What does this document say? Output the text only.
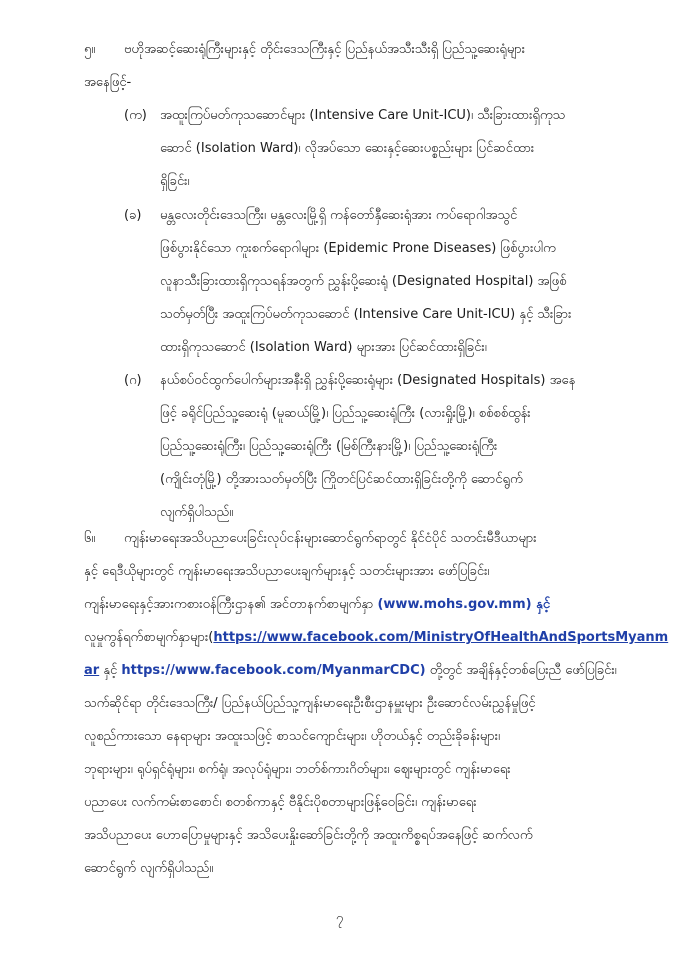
၅။ ဗဟိုအဆင့်ဆေးရုံကြီးများနှင့် တိုင်းဒေသကြီးနှင့် ပြည်နယ်အသီးသီးရှိ ပြည်သူ့ဆေးရုံများ
အနေဖြင့်-
(က) အထူးကြပ်မတ်ကုသဆောင်များ (Intensive Care Unit-ICU)၊ သီးခြားထားရှိကုသ
ဆောင် (Isolation Ward)၊ လိုအပ်သော ဆေးနှင့်ဆေးပစ္စည်းများ ပြင်ဆင်ထား
ရှိခြင်း၊
(ခ) မန္တလေးတိုင်းဒေသကြီး၊ မန္တလေးမြို့ရှိ ကန်တော်နှီဆေးရုံအား ကပ်ရောဂါအသွင်
ဖြစ်ပွားနိုင်သော ကူးစက်ရောဂါများ (Epidemic Prone Diseases) ဖြစ်ပွားပါက
လူနာသီးခြားထားရှိကုသရန်အတွက် ညွှန်းပို့ဆေးရုံ (Designated Hospital) အဖြစ်
သတ်မှတ်ပြီး အထူးကြပ်မတ်ကုသဆောင် (Intensive Care Unit-ICU) နှင့် သီးခြား
ထားရှိကုသဆောင် (Isolation Ward) များအား ပြင်ဆင်ထားရှိခြင်း၊
(ဂ) နယ်စပ်ဝင်ထွက်ပေါက်များအနီးရှိ ညွှန်းပို့ဆေးရုံများ (Designated Hospitals) အနေ
ဖြင့် ခရိုင်ပြည်သူ့ဆေးရုံ (မူဆယ်မြို့)၊ ပြည်သူ့ဆေးရုံကြီး (လားရှိုးမြို့)၊ စစ်စစ်ထွန်း
ပြည်သူ့ဆေးရုံကြီး၊ ပြည်သူ့ဆေးရုံကြီး (မြစ်ကြီးနားမြို့)၊ ပြည်သူ့ဆေးရုံကြီး
(ကျိုင်းတုံမြို့) တို့အားသတ်မှတ်ပြီး ကြိုတင်ပြင်ဆင်ထားရှိခြင်းတို့ကို ဆောင်ရွက်
လျက်ရှိပါသည်။
၆။ ကျန်းမာရေးအသိပညာပေးခြင်းလုပ်ငန်းများဆောင်ရွက်ရာတွင် နိုင်ငံပိုင် သတင်းမီဒီယာများ
နှင့် ရေဒီယိုများတွင် ကျန်းမာရေးအသိပညာပေးချက်များနှင့် သတင်းများအား ဖော်ပြခြင်း၊
ကျန်းမာရေးနှင့်အားကစားဝန်ကြီးဌာန၏ အင်တာနက်စာမျက်နှာ (www.mohs.gov.mm) နှင့်
လူမှုကွန်ရက်စာမျက်နှာများ(https://www.facebook.com/MinistryOfHealthAndSportsMyanm
ar နှင့် https://www.facebook.com/MyanmarCDC) တို့တွင် အချိန်နှင့်တစ်ပြေးညီ ဖော်ပြခြင်း၊
သက်ဆိုင်ရာ တိုင်းဒေသကြီး/ ပြည်နယ်ပြည်သူ့ကျန်းမာရေးဦးစီးဌာနမှူးများ ဦးဆောင်လမ်းညွှန်မှုဖြင့်
လူစည်ကားသော နေရာများ အထူးသဖြင့် စာသင်ကျောင်းများ၊ ဟိုတယ်နှင့် တည်းခိုခန်းများ၊
ဘုရားများ၊ ရုပ်ရှင်ရုံများ၊ စက်ရုံ၊ အလုပ်ရုံများ၊ ဘတ်စ်ကားဂိတ်များ၊ ဈေးများတွင် ကျန်းမာရေး
ပညာပေး လက်ကမ်းစာစောင်၊ စတစ်ကာနှင့် ဗီနိုင်းပိုစတာများဖြန့်ဝေခြင်း၊ ကျန်းမာရေး
အသိပညာပေး ဟောပြောမှုများနှင့် အသိပေးနှိုးဆော်ခြင်းတို့ကို အထူးကိစ္စရပ်အနေဖြင့် ဆက်လက်
ဆောင်ရွက် လျက်ရှိပါသည်။
၇
